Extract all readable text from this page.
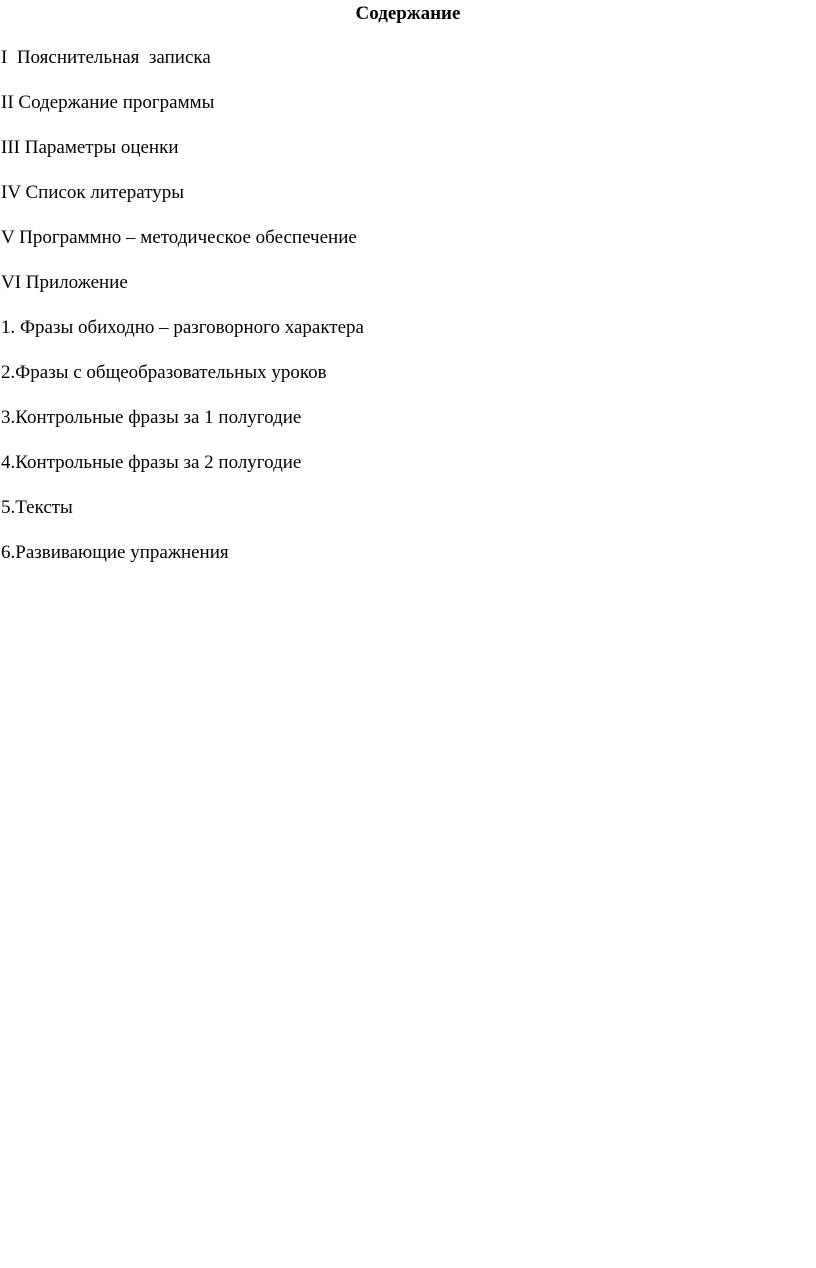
Содержание
I  Пояснительная  записка
II Содержание программы
III Параметры оценки
IV Список литературы
V Программно – методическое обеспечение
VI Приложение
1. Фразы обиходно – разговорного характера
2.Фразы с общеобразовательных уроков
3.Контрольные фразы за 1 полугодие
4.Контрольные фразы за 2 полугодие
5.Тексты
6.Развивающие упражнения
